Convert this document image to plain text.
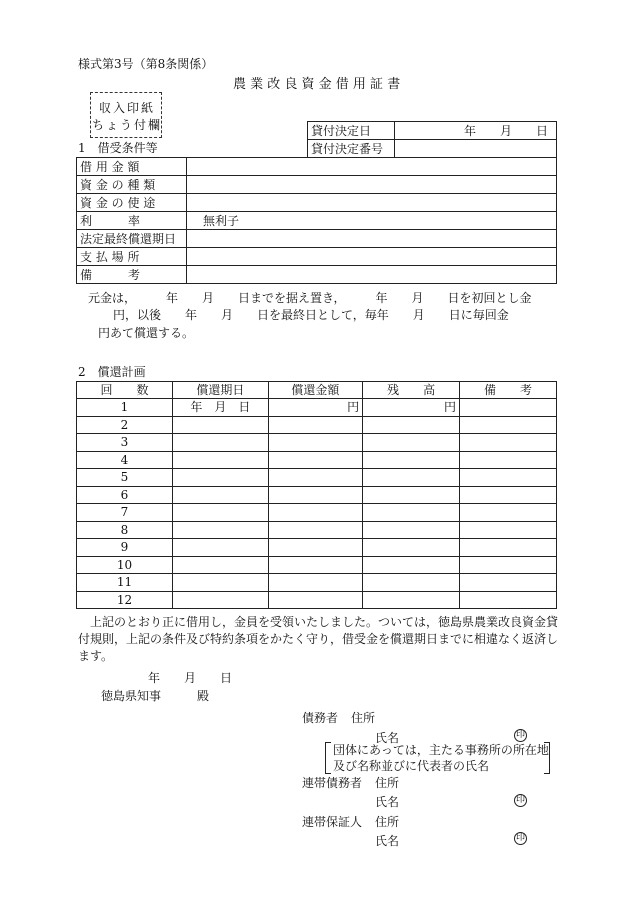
様式第3号（第8条関係）
農 業 改 良 資 金 借 用 証 書
収入印紙
ちょう付欄	貸付決定日	年　　月　　日
貸付決定番号	
1　借受条件等
借 用 金 額	
資 金 の 種 類	
資 金 の 使 途	
利　　　率	無利子
法定最終償還期日	
支 払 場 所	
備　　　考	
元金は，　　　年　　月　　日までを据え置き，　　　年　　月　　日を初回とし金
円，以後　　年　　月　　日を最終日として，毎年　　月　　日に毎回金
円あて償還する。
2　償還計画
回　　数	償還期日	償還金額	残　　高	備　　考
1	年　月　日	円	円	
2				
3				
4				
5				
6				
7				
8				
9				
10				
11				
12				
上記のとおり正に借用し，金員を受領いたしました。ついては，徳島県農業改良資金貸
付規則，上記の条件及び特約条項をかたく守り，借受金を償還期日までに相違なく返済し
ます。
年　　月　　日
徳島県知事　　　殿
債務者 住所
氏名	印
団体にあっては，主たる事務所の所在地
及び名称並びに代表者の氏名
連帯債務者 住所
氏名	印
連帯保証人 住所
氏名	印
